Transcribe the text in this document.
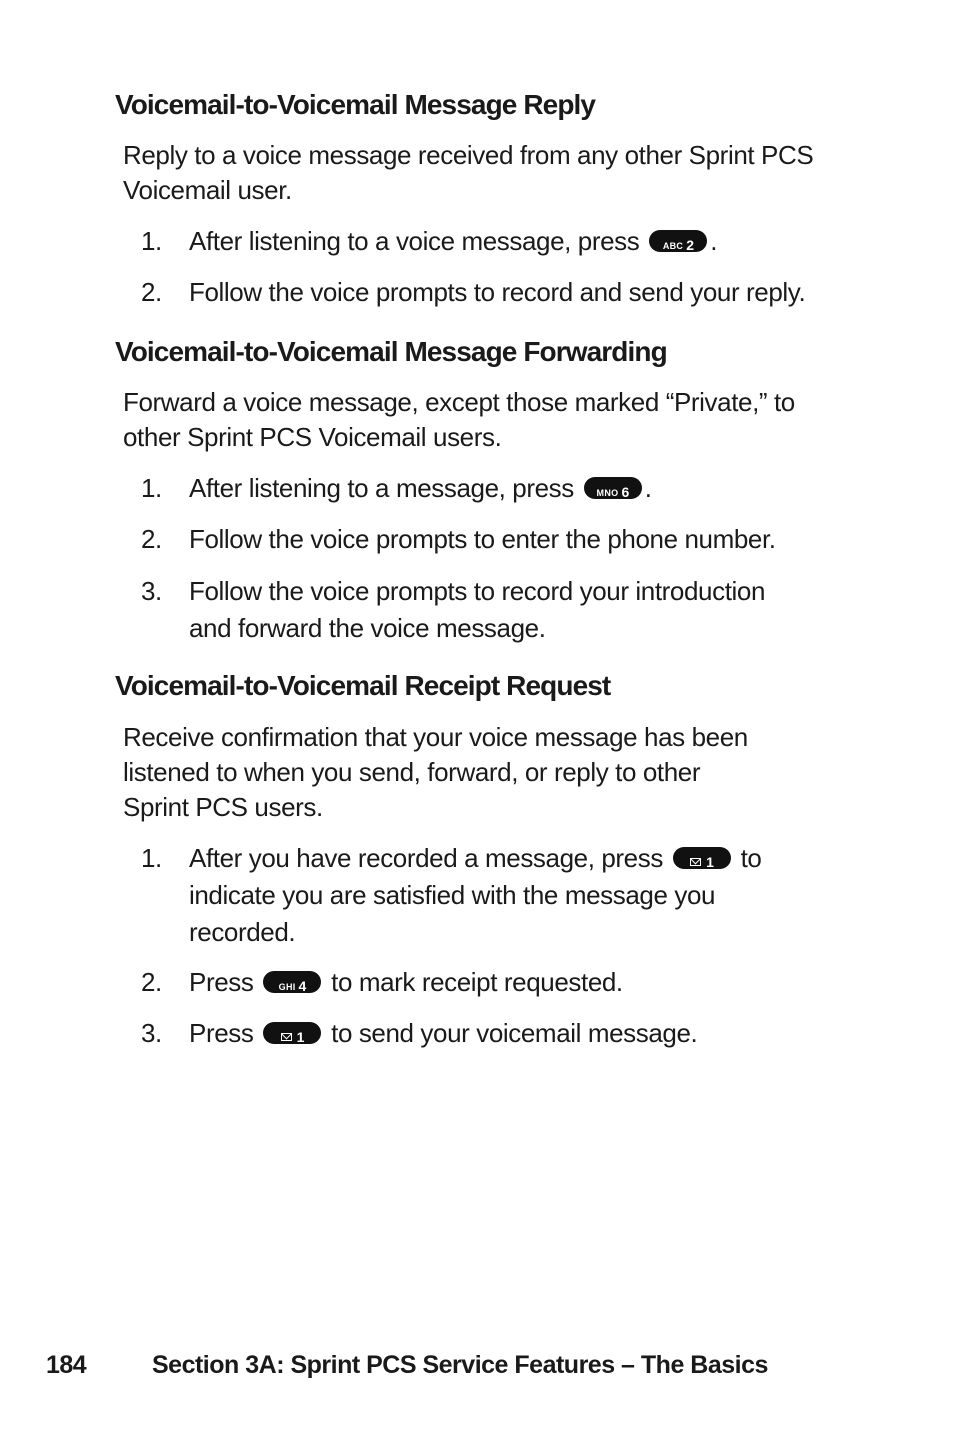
Voicemail-to-Voicemail Message Reply

Reply to a voice message received from any other Sprint PCS
Voicemail user.

1.	After listening to a voice message, press	ABC 2 .
2.	Follow the voice prompts to record and send your reply.
Voicemail-to-Voicemail Message Forwarding

Forward a voice message, except those marked “Private,” to
other Sprint PCS Voicemail users.

1.	After listening to a message, press	MNO 6 .
2.	Follow the voice prompts to enter the phone number.
3.	Follow the voice prompts to record your introduction
and forward the voice message.
Voicemail-to-Voicemail Receipt Request

Receive confirmation that your voice message has been
listened to when you send, forward, or reply to other
Sprint PCS users.

1.	After you have recorded a message, press	1 to
indicate you are satisfied with the message you
recorded.
2.	Press	GHI 4 to mark receipt requested.
3.	Press	1 to send your voicemail message.
184	Section 3A: Sprint PCS Service Features – The Basics
